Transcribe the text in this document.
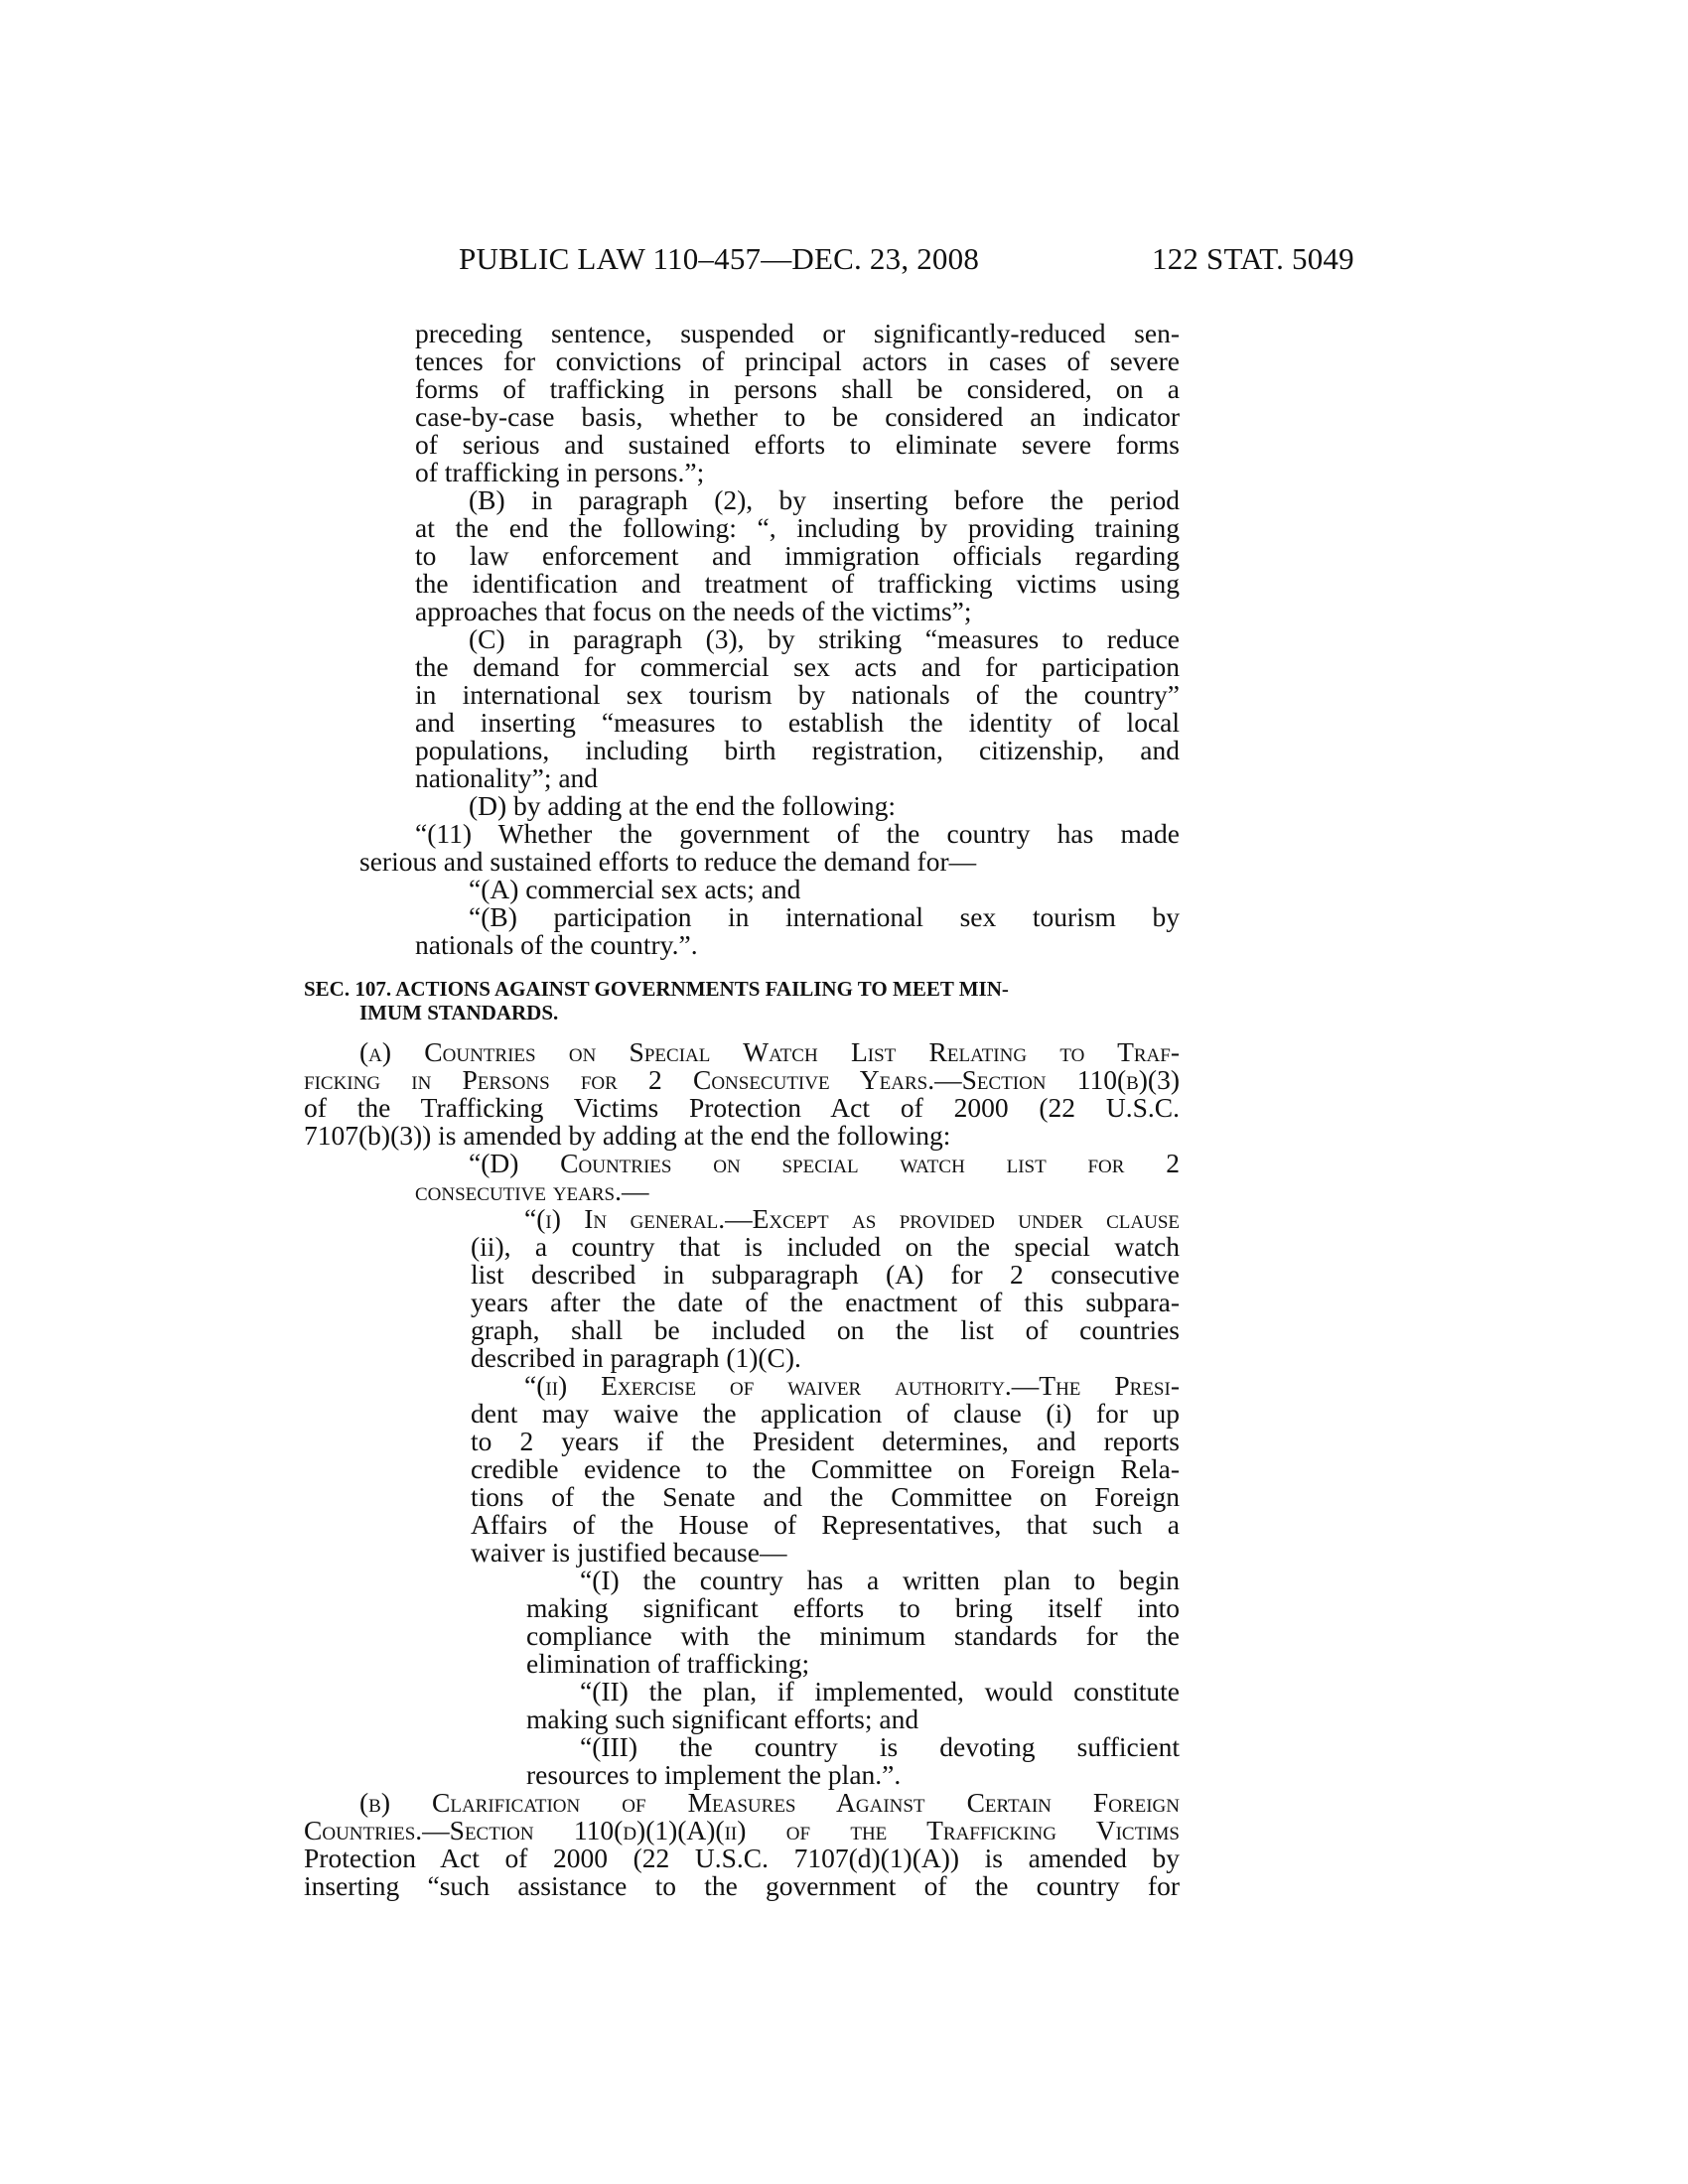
PUBLIC LAW 110–457—DEC. 23, 2008	122 STAT. 5049
preceding sentence, suspended or significantly-reduced sen-
tences for convictions of principal actors in cases of severe
forms of trafficking in persons shall be considered, on a
case-by-case basis, whether to be considered an indicator
of serious and sustained efforts to eliminate severe forms
of trafficking in persons.”;
(B) in paragraph (2), by inserting before the period
at the end the following: “, including by providing training
to law enforcement and immigration officials regarding
the identification and treatment of trafficking victims using
approaches that focus on the needs of the victims”;
(C) in paragraph (3), by striking “measures to reduce
the demand for commercial sex acts and for participation
in international sex tourism by nationals of the country”
and inserting “measures to establish the identity of local
populations, including birth registration, citizenship, and
nationality”; and
(D) by adding at the end the following:
“(11) Whether the government of the country has made
serious and sustained efforts to reduce the demand for—
“(A) commercial sex acts; and
“(B) participation in international sex tourism by
nationals of the country.”.
SEC. 107. ACTIONS AGAINST GOVERNMENTS FAILING TO MEET MIN-
IMUM STANDARDS.
(a) Countries on Special Watch List Relating to Traf-
ficking in Persons for 2 Consecutive Years.—Section 110(b)(3)
of the Trafficking Victims Protection Act of 2000 (22 U.S.C.
7107(b)(3)) is amended by adding at the end the following:
“(D) Countries on special watch list for 2
consecutive years.—
“(i) In general.—Except as provided under clause
(ii), a country that is included on the special watch
list described in subparagraph (A) for 2 consecutive
years after the date of the enactment of this subpara-
graph, shall be included on the list of countries
described in paragraph (1)(C).
“(ii) Exercise of waiver authority.—The Presi-
dent may waive the application of clause (i) for up
to 2 years if the President determines, and reports
credible evidence to the Committee on Foreign Rela-
tions of the Senate and the Committee on Foreign
Affairs of the House of Representatives, that such a
waiver is justified because—
“(I) the country has a written plan to begin
making significant efforts to bring itself into
compliance with the minimum standards for the
elimination of trafficking;
“(II) the plan, if implemented, would constitute
making such significant efforts; and
“(III) the country is devoting sufficient
resources to implement the plan.”.
(b) Clarification of Measures Against Certain Foreign
Countries.—Section 110(d)(1)(A)(ii) of the Trafficking Victims
Protection Act of 2000 (22 U.S.C. 7107(d)(1)(A)) is amended by
inserting “such assistance to the government of the country for
